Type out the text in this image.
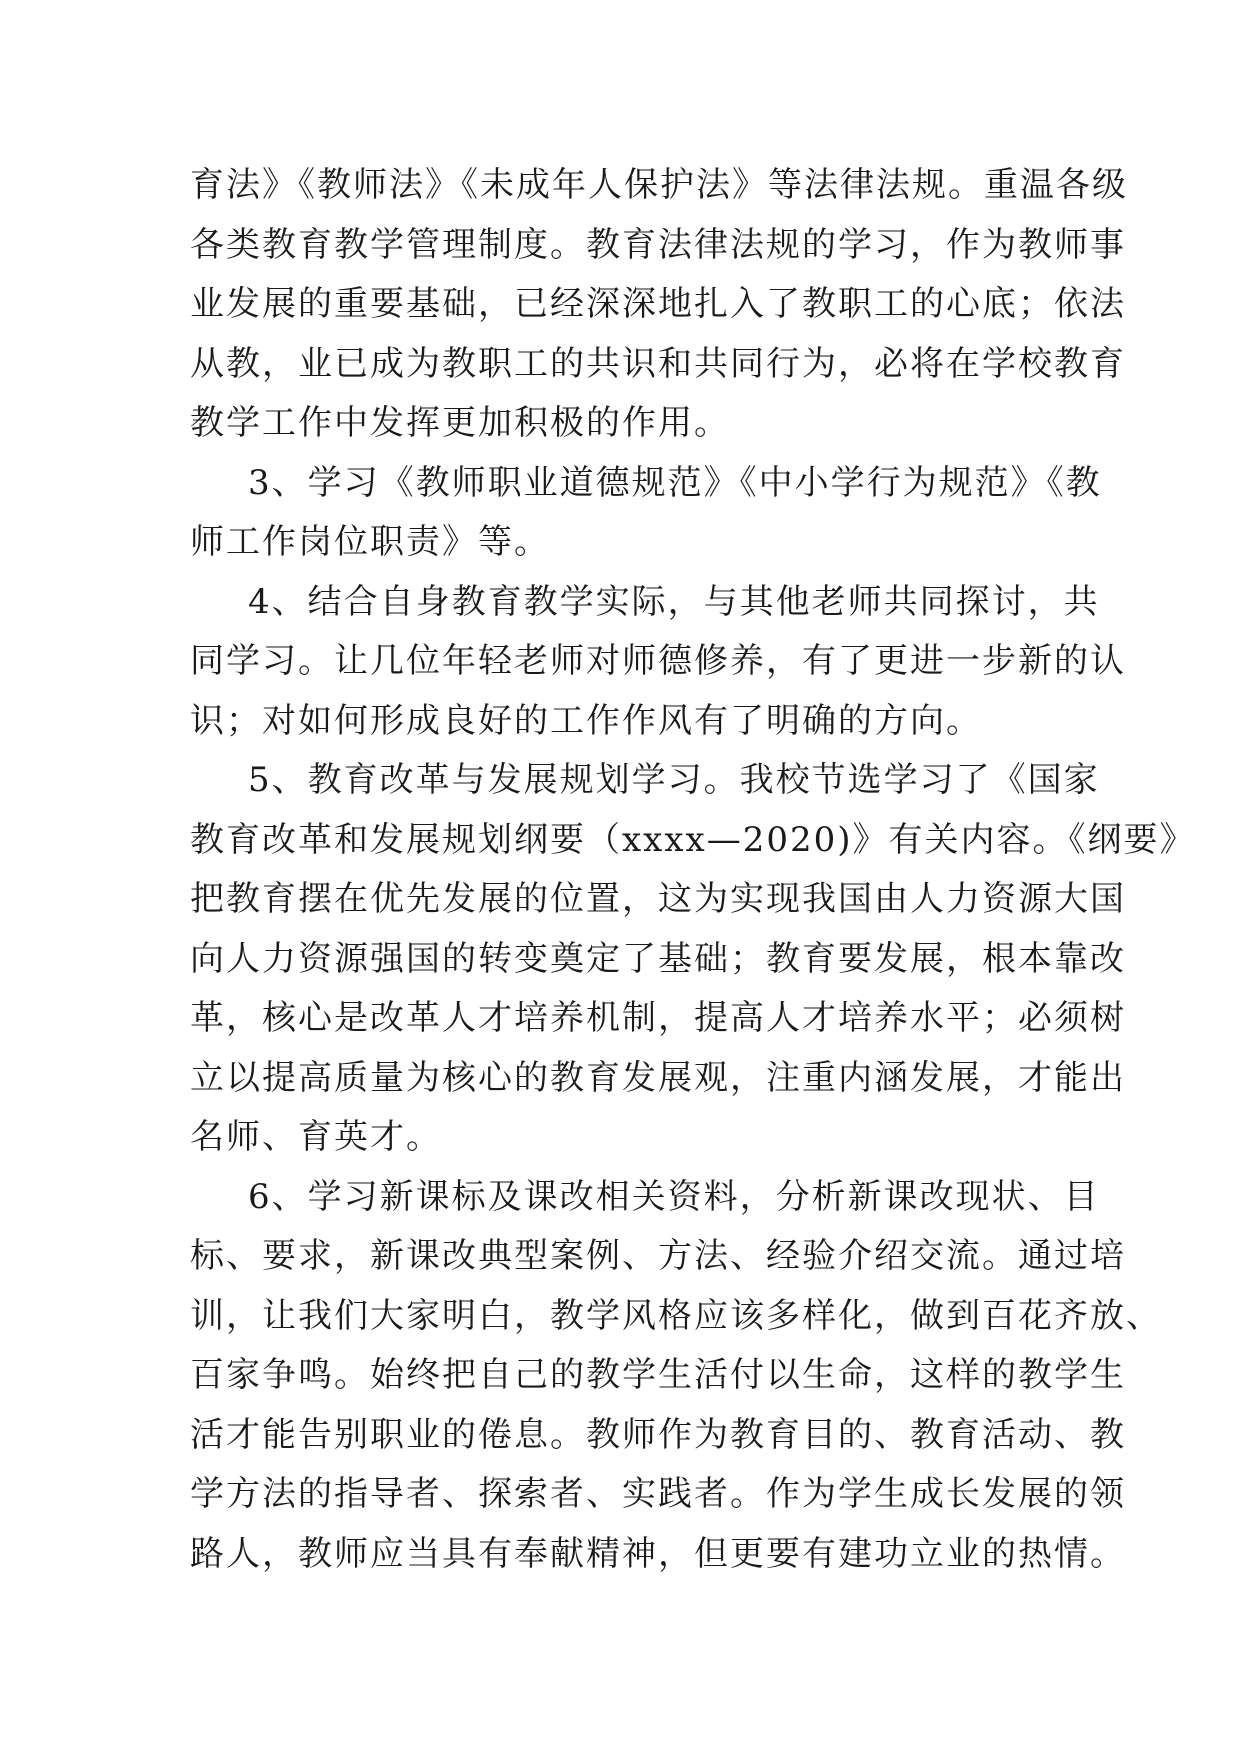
育法》《教师法》《未成年人保护法》等法律法规。重温各级
各类教育教学管理制度。教育法律法规的学习，作为教师事
业发展的重要基础，已经深深地扎入了教职工的心底；依法
从教，业已成为教职工的共识和共同行为，必将在学校教育
教学工作中发挥更加积极的作用。
3、学习《教师职业道德规范》《中小学行为规范》《教
师工作岗位职责》等。
4、结合自身教育教学实际，与其他老师共同探讨，共
同学习。让几位年轻老师对师德修养，有了更进一步新的认
识；对如何形成良好的工作作风有了明确的方向。
5、教育改革与发展规划学习。我校节选学习了《国家
教育改革和发展规划纲要（xxxx—2020)》有关内容。《纲要》
把教育摆在优先发展的位置，这为实现我国由人力资源大国
向人力资源强国的转变奠定了基础；教育要发展，根本靠改
革，核心是改革人才培养机制，提高人才培养水平；必须树
立以提高质量为核心的教育发展观，注重内涵发展，才能出
名师、育英才。
6、学习新课标及课改相关资料，分析新课改现状、目
标、要求，新课改典型案例、方法、经验介绍交流。通过培
训，让我们大家明白，教学风格应该多样化，做到百花齐放、
百家争鸣。始终把自己的教学生活付以生命，这样的教学生
活才能告别职业的倦息。教师作为教育目的、教育活动、教
学方法的指导者、探索者、实践者。作为学生成长发展的领
路人，教师应当具有奉献精神，但更要有建功立业的热情。
